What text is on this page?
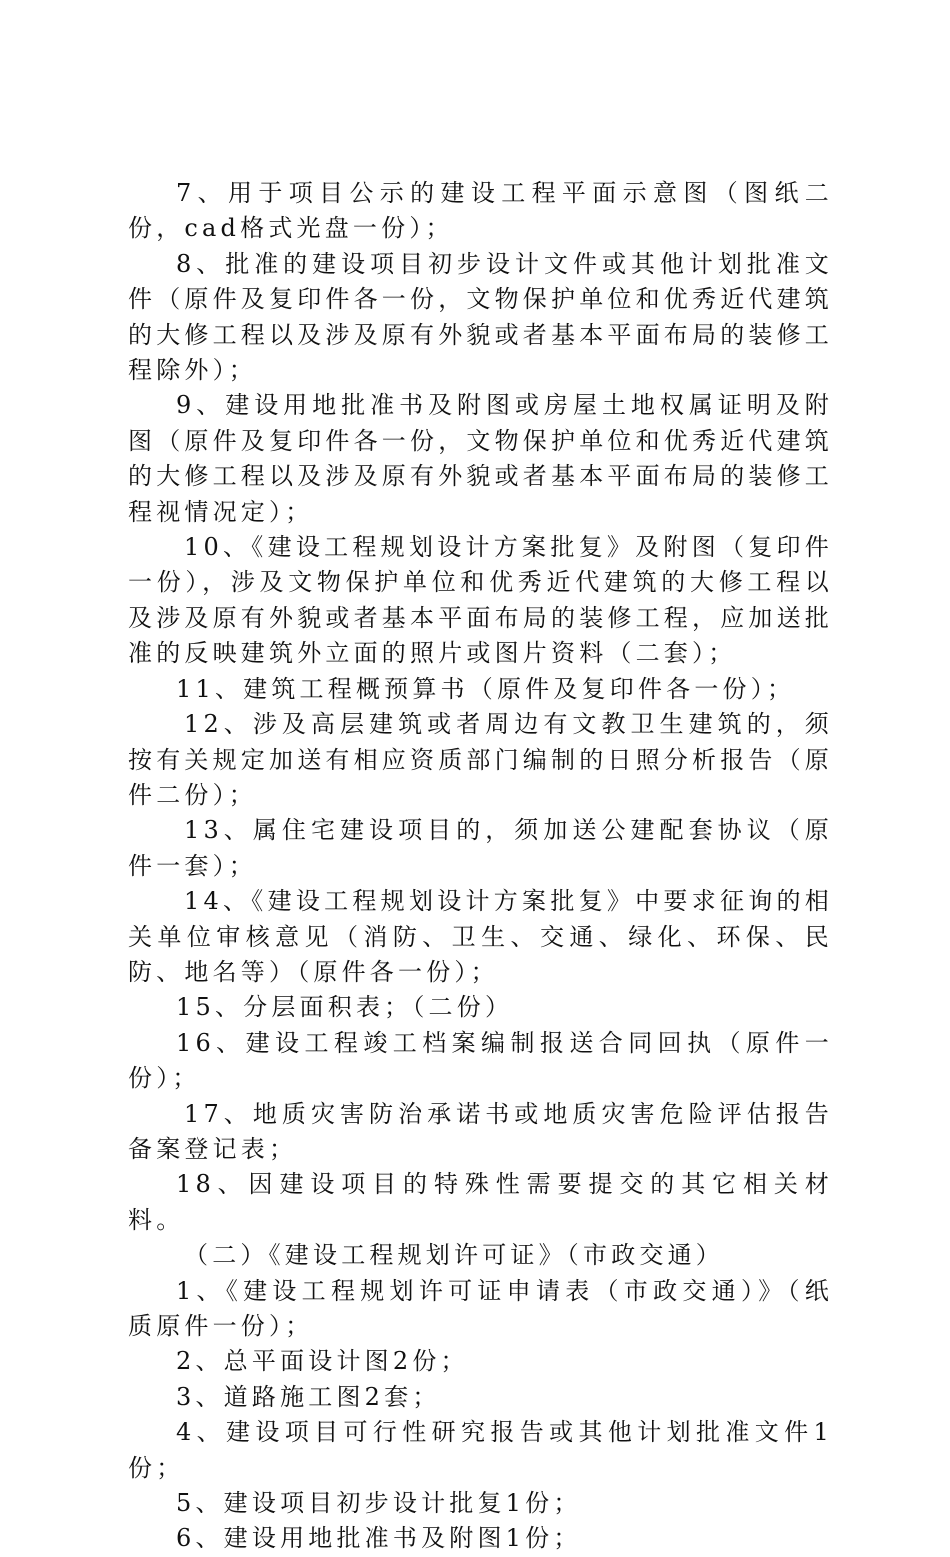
7、用于项目公示的建设工程平面示意图（图纸二份，cad格式光盘一份）；

8、批准的建设项目初步设计文件或其他计划批准文件（原件及复印件各一份，文物保护单位和优秀近代建筑的大修工程以及涉及原有外貌或者基本平面布局的装修工程除外）；

9、建设用地批准书及附图或房屋土地权属证明及附图（原件及复印件各一份，文物保护单位和优秀近代建筑的大修工程以及涉及原有外貌或者基本平面布局的装修工程视情况定）；

10、《建设工程规划设计方案批复》及附图（复印件一份），涉及文物保护单位和优秀近代建筑的大修工程以及涉及原有外貌或者基本平面布局的装修工程，应加送批准的反映建筑外立面的照片或图片资料（二套）；

11、建筑工程概预算书（原件及复印件各一份）；

12、涉及高层建筑或者周边有文教卫生建筑的，须按有关规定加送有相应资质部门编制的日照分析报告（原件二份）；

13、属住宅建设项目的，须加送公建配套协议（原件一套）；

14、《建设工程规划设计方案批复》中要求征询的相关单位审核意见（消防、卫生、交通、绿化、环保、民防、地名等）（原件各一份）；

15、分层面积表；（二份）

16、建设工程竣工档案编制报送合同回执（原件一份）；

17、地质灾害防治承诺书或地质灾害危险评估报告备案登记表；

18、因建设项目的特殊性需要提交的其它相关材料。

（二）《建设工程规划许可证》（市政交通）

1、《建设工程规划许可证申请表（市政交通）》（纸质原件一份）；

2、总平面设计图2份；

3、道路施工图2套；

4、建设项目可行性研究报告或其他计划批准文件1份；

5、建设项目初步设计批复1份；

6、建设用地批准书及附图1份；
